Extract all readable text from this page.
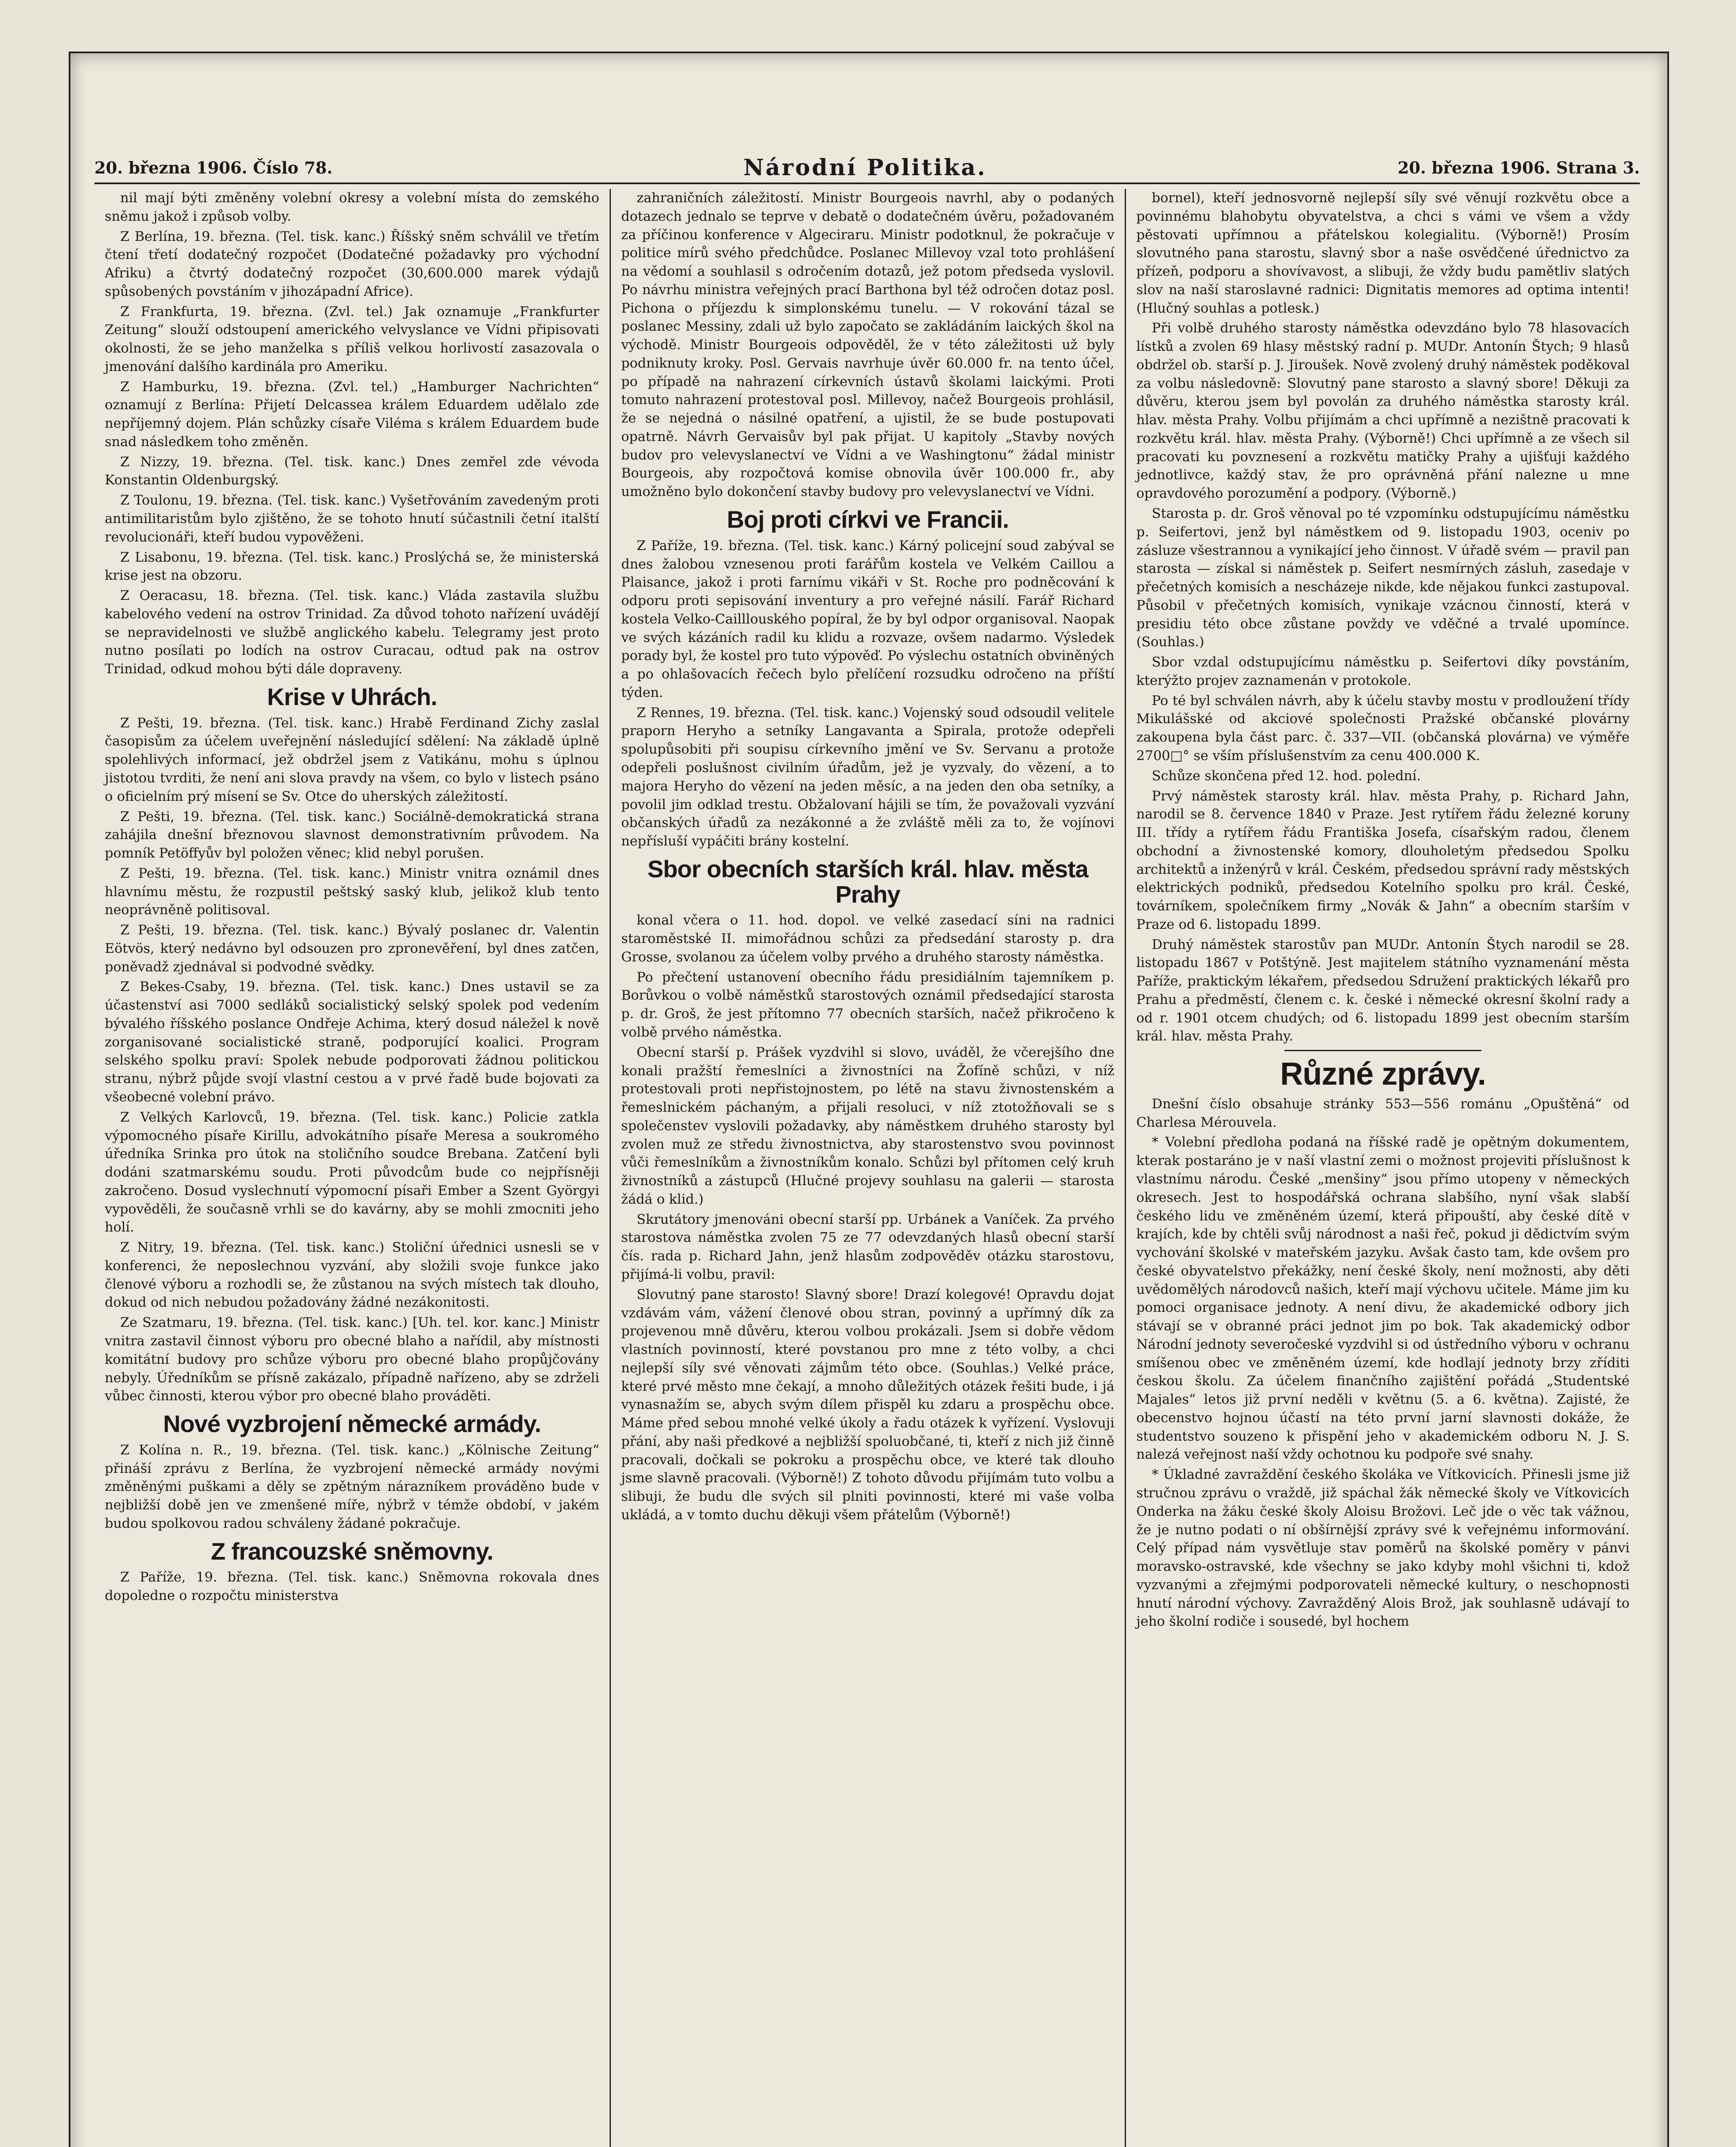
20. března 1906. Číslo 78.	Národní Politika.	20. března 1906. Strana 3.

nil mají býti změněny volební okresy a volební místa do zemského sněmu jakož i způsob volby.

Z Berlína, 19. března. (Tel. tisk. kanc.) Říšský sněm schválil ve třetím čtení třetí dodatečný rozpočet (Dodatečné požadavky pro východní Afriku) a čtvrtý dodatečný rozpočet (30,600.000 marek výdajů spůsobených povstáním v jihozápadní Africe).

Z Frankfurta, 19. března. (Zvl. tel.) Jak oznamuje „Frankfurter Zeitung“ slouží odstoupení amerického velvyslance ve Vídni připisovati okolnosti, že se jeho manželka s příliš velkou horlivostí zasazovala o jmenování dalšího kardinála pro Ameriku.

Z Hamburku, 19. března. (Zvl. tel.) „Hamburger Nachrichten“ oznamují z Berlína: Přijetí Delcassea králem Eduardem udělalo zde nepříjemný dojem. Plán schůzky císaře Viléma s králem Eduardem bude snad následkem toho změněn.

Z Nizzy, 19. března. (Tel. tisk. kanc.) Dnes zemřel zde vévoda Konstantin Oldenburgský.

Z Toulonu, 19. března. (Tel. tisk. kanc.) Vyšetřováním zavedeným proti antimilitaristům bylo zjištěno, že se tohoto hnutí súčastnili četní italští revolucionáři, kteří budou vypověženi.

Z Lisabonu, 19. března. (Tel. tisk. kanc.) Proslýchá se, že ministerská krise jest na obzoru.

Z Oeracasu, 18. března. (Tel. tisk. kanc.) Vláda zastavila službu kabelového vedení na ostrov Trinidad. Za důvod tohoto nařízení uvádějí se nepravidelnosti ve službě anglického kabelu. Telegramy jest proto nutno posílati po lodích na ostrov Curacau, odtud pak na ostrov Trinidad, odkud mohou býti dále dopraveny.

Krise v Uhrách.

Z Pešti, 19. března. (Tel. tisk. kanc.) Hrabě Ferdinand Zichy zaslal časopisům za účelem uveřejnění následující sdělení: Na základě úplně spolehlivých informací, jež obdržel jsem z Vatikánu, mohu s úplnou jistotou tvrditi, že není ani slova pravdy na všem, co bylo v listech psáno o oficielním prý mísení se Sv. Otce do uherských záležitostí.

Z Pešti, 19. března. (Tel. tisk. kanc.) Sociálně-demokratická strana zahájila dnešní březnovou slavnost demonstrativním průvodem. Na pomník Petöffyův byl položen věnec; klid nebyl porušen.

Z Pešti, 19. března. (Tel. tisk. kanc.) Ministr vnitra oznámil dnes hlavnímu městu, že rozpustil peštský saský klub, jelikož klub tento neoprávněně politisoval.

Z Pešti, 19. března. (Tel. tisk. kanc.) Bývalý poslanec dr. Valentin Eötvös, který nedávno byl odsouzen pro zpronevěření, byl dnes zatčen, poněvadž zjednával si podvodné svědky.

Z Bekes-Csaby, 19. března. (Tel. tisk. kanc.) Dnes ustavil se za účastenství asi 7000 sedláků socialistický selský spolek pod vedením bývalého říšského poslance Ondřeje Achima, který dosud náležel k nově zorganisované socialistické straně, podporující koalici. Program selského spolku praví: Spolek nebude podporovati žádnou politickou stranu, nýbrž půjde svojí vlastní cestou a v prvé řadě bude bojovati za všeobecné volební právo.

Z Velkých Karlovců, 19. března. (Tel. tisk. kanc.) Policie zatkla výpomocného písaře Kirillu, advokátního písaře Meresa a soukromého úředníka Srinka pro útok na stoličního soudce Brebana. Zatčení byli dodáni szatmarskému soudu. Proti původcům bude co nejpřísněji zakročeno. Dosud vyslechnutí výpomocní písaři Ember a Szent Györgyi vypověděli, že současně vrhli se do kavárny, aby se mohli zmocniti jeho holí.

Z Nitry, 19. března. (Tel. tisk. kanc.) Stoliční úřednici usnesli se v konferenci, že neposlechnou vyzvání, aby složili svoje funkce jako členové výboru a rozhodli se, že zůstanou na svých místech tak dlouho, dokud od nich nebudou požadovány žádné nezákonitosti.

Ze Szatmaru, 19. března. (Tel. tisk. kanc.) [Uh. tel. kor. kanc.] Ministr vnitra zastavil činnost výboru pro obecné blaho a nařídil, aby místnosti komitátní budovy pro schůze výboru pro obecné blaho propůjčovány nebyly. Úředníkům se přísně zakázalo, případně nařízeno, aby se zdrželi vůbec činnosti, kterou výbor pro obecné blaho prováděti.

Nové vyzbrojení německé armády.

Z Kolína n. R., 19. března. (Tel. tisk. kanc.) „Kölnische Zeitung“ přináší zprávu z Berlína, že vyzbrojení německé armády novými změněnými puškami a děly se zpětným nárazníkem prováděno bude v nejbližší době jen ve zmenšené míře, nýbrž v témže období, v jakém budou spolkovou radou schváleny žádané pokračuje.

Z francouzské sněmovny.

Z Paříže, 19. března. (Tel. tisk. kanc.) Sněmovna rokovala dnes dopoledne o rozpočtu ministerstva

zahraničních záležitostí. Ministr Bourgeois navrhl, aby o podaných dotazech jednalo se teprve v debatě o dodatečném úvěru, požadovaném za příčinou konference v Algeciraru. Ministr podotknul, že pokračuje v politice mírů svého předchůdce. Poslanec Millevoy vzal toto prohlášení na vědomí a souhlasil s odročením dotazů, jež potom předseda vyslovil. Po návrhu ministra veřejných prací Barthona byl též odročen dotaz posl. Pichona o příjezdu k simplonskému tunelu. — V rokování tázal se poslanec Messiny, zdali už bylo započato se zakládáním laických škol na východě. Ministr Bourgeois odpověděl, že v této záležitosti už byly podniknuty kroky. Posl. Gervais navrhuje úvěr 60.000 fr. na tento účel, po případě na nahrazení církevních ústavů školami laickými. Proti tomuto nahrazení protestoval posl. Millevoy, načež Bourgeois prohlásil, že se nejedná o násilné opatření, a ujistil, že se bude postupovati opatrně. Návrh Gervaisův byl pak přijat. U kapitoly „Stavby nových budov pro velevyslanectví ve Vídni a ve Washingtonu“ žádal ministr Bourgeois, aby rozpočtová komise obnovila úvěr 100.000 fr., aby umožněno bylo dokončení stavby budovy pro velevyslanectví ve Vídni.

Boj proti církvi ve Francii.

Z Paříže, 19. března. (Tel. tisk. kanc.) Kárný policejní soud zabýval se dnes žalobou vznesenou proti farářům kostela ve Velkém Caillou a Plaisance, jakož i proti farnímu vikáři v St. Roche pro podněcování k odporu proti sepisování inventury a pro veřejné násilí. Farář Richard kostela Velko-Cailllouského popíral, že by byl odpor organisoval. Naopak ve svých kázáních radil ku klidu a rozvaze, ovšem nadarmo. Výsledek porady byl, že kostel pro tuto výpověď. Po výslechu ostatních obviněných a po ohlašovacích řečech bylo přelíčení rozsudku odročeno na příští týden.

Z Rennes, 19. března. (Tel. tisk. kanc.) Vojenský soud odsoudil velitele praporn Heryho a setníky Langavanta a Spirala, protože odepřeli spolupůsobiti při soupisu církevního jmění ve Sv. Servanu a protože odepřeli poslušnost civilním úřadům, jež je vyzvaly, do vězení, a to majora Heryho do vězení na jeden měsíc, a na jeden den oba setníky, a povolil jim odklad trestu. Obžalovaní hájili se tím, že považovali vyzvání občanských úřadů za nezákonné a že zvláště měli za to, že vojínovi nepřísluší vypáčiti brány kostelní.

Sbor obecních starších král. hlav. města Prahy

konal včera o 11. hod. dopol. ve velké zasedací síni na radnici staroměstské II. mimořádnou schůzi za předsedání starosty p. dra Grosse, svolanou za účelem volby prvého a druhého starosty náměstka.

Po přečtení ustanovení obecního řádu presidiálním tajemníkem p. Borůvkou o volbě náměstků starostových oznámil předsedající starosta p. dr. Groš, že jest přítomno 77 obecních starších, načež přikročeno k volbě prvého náměstka.

Obecní starší p. Prášek vyzdvihl si slovo, uváděl, že včerejšího dne konali pražští řemeslníci a živnostníci na Žofíně schůzi, v níž protestovali proti nepřistojnostem, po létě na stavu živnostenském a řemeslnickém páchaným, a přijali resoluci, v níž ztotožňovali se s společenstev vyslovili požadavky, aby náměstkem druhého starosty byl zvolen muž ze středu živnostnictva, aby starostenstvo svou povinnost vůči řemeslníkům a živnostníkům konalo. Schůzi byl přítomen celý kruh živnostníků a zástupců (Hlučné projevy souhlasu na galerii — starosta žádá o klid.)

Skrutátory jmenováni obecní starší pp. Urbánek a Vaníček. Za prvého starostova náměstka zvolen 75 ze 77 odevzdaných hlasů obecní starší čís. rada p. Richard Jahn, jenž hlasům zodpověděv otázku starostovu, přijímá-li volbu, pravil:

Slovutný pane starosto! Slavný sbore! Drazí kolegové! Opravdu dojat vzdávám vám, vážení členové obou stran, povinný a upřímný dík za projevenou mně důvěru, kterou volbou prokázali. Jsem si dobře vědom vlastních povinností, které povstanou pro mne z této volby, a chci nejlepší síly své věnovati zájmům této obce. (Souhlas.) Velké práce, které prvé město mne čekají, a mnoho důležitých otázek řešiti bude, i já vynasnažím se, abych svým dílem přispěl ku zdaru a prospěchu obce. Máme před sebou mnohé velké úkoly a řadu otázek k vyřízení. Vyslovuji přání, aby naši předkové a nejbližší spoluobčané, ti, kteří z nich již činně pracovali, dočkali se pokroku a prospěchu obce, ve které tak dlouho jsme slavně pracovali. (Výborně!) Z tohoto důvodu přijímám tuto volbu a slibuji, že budu dle svých sil plniti povinnosti, které mi vaše volba ukládá, a v tomto duchu děkuji všem přátelům (Výborně!)

bornel), kteří jednosvorně nejlepší síly své věnují rozkvětu obce a povinnému blahobytu obyvatelstva, a chci s vámi ve všem a vždy pěstovati upřímnou a přátelskou kolegialitu. (Výborně!) Prosím slovutného pana starostu, slavný sbor a naše osvědčené úřednictvo za přízeň, podporu a shovívavost, a slibuji, že vždy budu pamětliv slatých slov na naší staroslavné radnici: Dignitatis memores ad optima intenti! (Hlučný souhlas a potlesk.)

Při volbě druhého starosty náměstka odevzdáno bylo 78 hlasovacích lístků a zvolen 69 hlasy městský radní p. MUDr. Antonín Štych; 9 hlasů obdržel ob. starší p. J. Jiroušek. Nově zvolený druhý náměstek poděkoval za volbu následovně: Slovutný pane starosto a slavný sbore! Děkuji za důvěru, kterou jsem byl povolán za druhého náměstka starosty král. hlav. města Prahy. Volbu přijímám a chci upřímně a nezištně pracovati k rozkvětu král. hlav. města Prahy. (Výborně!) Chci upřímně a ze všech sil pracovati ku povznesení a rozkvětu matičky Prahy a ujišťuji každého jednotlivce, každý stav, že pro oprávněná přání nalezne u mne opravdového porozumění a podpory. (Výborně.)

Starosta p. dr. Groš věnoval po té vzpomínku odstupujícímu náměstku p. Seifertovi, jenž byl náměstkem od 9. listopadu 1903, oceniv po zásluze všestrannou a vynikající jeho činnost. V úřadě svém — pravil pan starosta — získal si náměstek p. Seifert nesmírných zásluh, zasedaje v přečetných komisích a nescházeje nikde, kde nějakou funkci zastupoval. Působil v přečetných komisích, vynikaje vzácnou činností, která v presidiu této obce zůstane povždy ve vděčné a trvalé upomínce. (Souhlas.)

Sbor vzdal odstupujícímu náměstku p. Seifertovi díky povstáním, kterýžto projev zaznamenán v protokole.

Po té byl schválen návrh, aby k účelu stavby mostu v prodloužení třídy Mikulášské od akciové společnosti Pražské občanské plovárny zakoupena byla část parc. č. 337—VII. (občanská plovárna) ve výměře 2700□° se vším příslušenstvím za cenu 400.000 K.

Schůze skončena před 12. hod. polední.

Prvý náměstek starosty král. hlav. města Prahy, p. Richard Jahn, narodil se 8. července 1840 v Praze. Jest rytířem řádu železné koruny III. třídy a rytířem řádu Františka Josefa, císařským radou, členem obchodní a živnostenské komory, dlouholetým předsedou Spolku architektů a inženýrů v král. Českém, předsedou správní rady městských elektrických podniků, předsedou Kotelního spolku pro král. České, továrníkem, společníkem firmy „Novák & Jahn“ a obecním starším v Praze od 6. listopadu 1899.

Druhý náměstek starostův pan MUDr. Antonín Štych narodil se 28. listopadu 1867 v Potštýně. Jest majitelem státního vyznamenání města Paříže, praktickým lékařem, předsedou Sdružení praktických lékařů pro Prahu a předměstí, členem c. k. české i německé okresní školní rady a od r. 1901 otcem chudých; od 6. listopadu 1899 jest obecním starším král. hlav. města Prahy.

Různé zprávy.

Dnešní číslo obsahuje stránky 553—556 románu „Opuštěná“ od Charlesa Mérouvela.

* Volební předloha podaná na říšské radě je opětným dokumentem, kterak postaráno je v naší vlastní zemi o možnost projeviti příslušnost k vlastnímu národu. České „menšiny“ jsou přímo utopeny v německých okresech. Jest to hospodářská ochrana slabšího, nyní však slabší českého lidu ve změněném území, která připouští, aby české dítě v krajích, kde by chtěli svůj národnost a naši řeč, pokud ji dědictvím svým vychování školské v mateřském jazyku. Avšak často tam, kde ovšem pro české obyvatelstvo překážky, není české školy, není možnosti, aby děti uvědomělých národovců našich, kteří mají výchovu učitele. Máme jim ku pomoci organisace jednoty. A není divu, že akademické odbory jich stávají se v obranné práci jednot jim po bok. Tak akademický odbor Národní jednoty severočeské vyzdvihl si od ústředního výboru v ochranu smíšenou obec ve změněném území, kde hodlají jednoty brzy zříditi českou školu. Za účelem finančního zajištění pořádá „Studentské Majales“ letos již první neděli v květnu (5. a 6. května). Zajisté, že obecenstvo hojnou účastí na této první jarní slavnosti dokáže, že studentstvo souzeno k přispění jeho v akademickém odboru N. J. S. nalezá veřejnost naší vždy ochotnou ku podpoře své snahy.

* Úkladné zavraždění českého školáka ve Vítkovicích. Přinesli jsme již stručnou zprávu o vraždě, již spáchal žák německé školy ve Vítkovicích Onderka na žáku české školy Aloisu Brožovi. Leč jde o věc tak vážnou, že je nutno podati o ní obšírnější zprávy své k veřejnému informování. Celý případ nám vysvětluje stav poměrů na školské poměry v pánvi moravsko-ostravské, kde všechny se jako kdyby mohl všichni ti, kdož vyzvanými a zřejmými podporovateli německé kultury, o neschopnosti hnutí národní výchovy. Zavražděný Alois Brož, jak souhlasně udávají to jeho školní rodiče i sousedé, byl hochem
